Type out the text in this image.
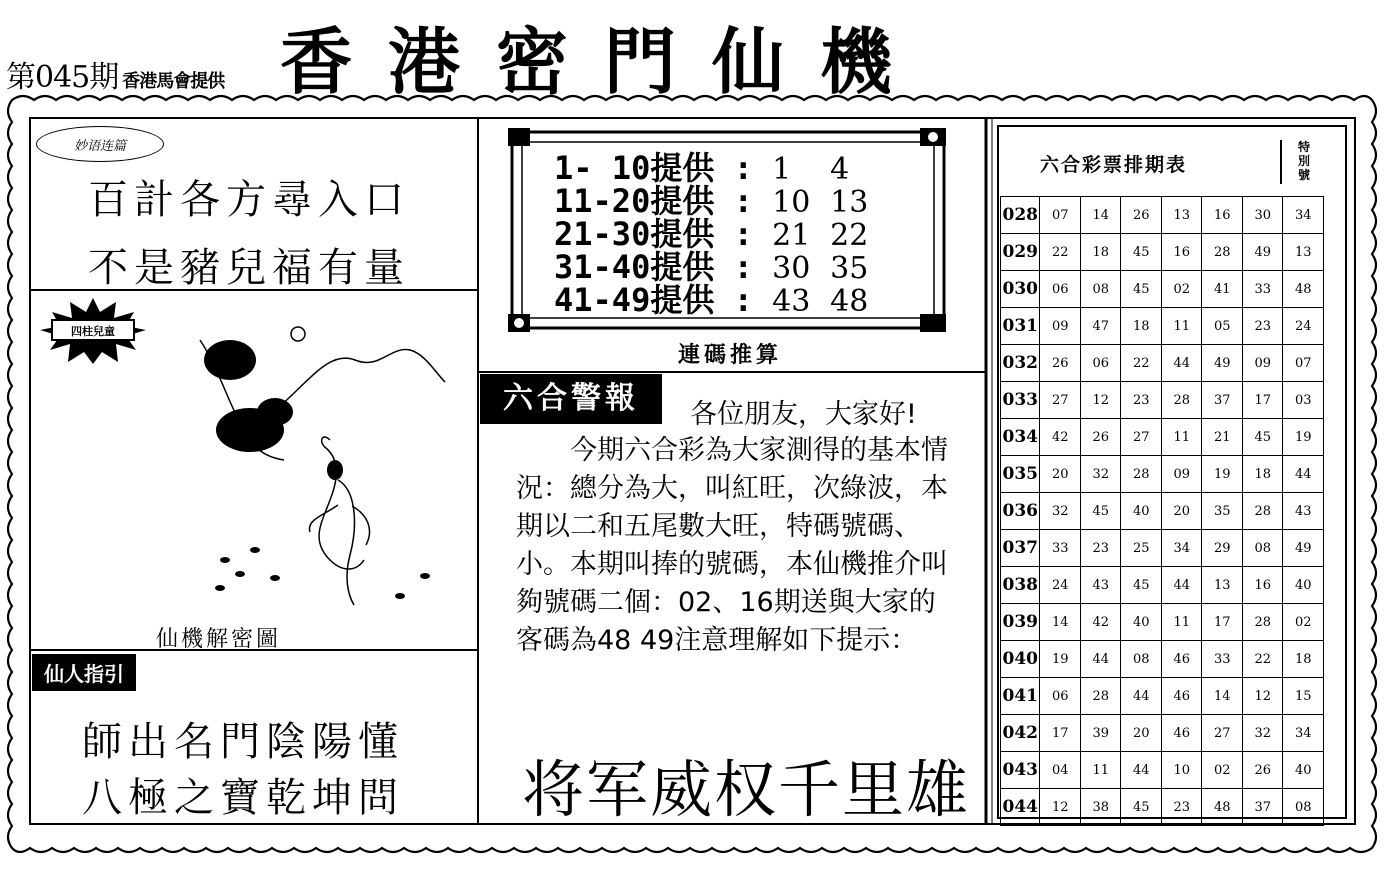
第045期 香港馬會提供 香港密門仙機
妙语连篇
百計各方尋入口
不是豬兒福有量
四柱兒童
仙機解密圖
仙人指引
師出名門陰陽懂
八極之寶乾坤問
1- 10提供 : 1 4
11-20提供 : 10 13
21-30提供 : 21 22
31-40提供 : 30 35
41-49提供 : 43 48
連碼推算
六合警報	各位朋友，大家好!
今期六合彩為大家測得的基本情況：總分為大，叫紅旺，次綠波，本期以二和五尾數大旺，特碼號碼、小。本期叫捧的號碼，本仙機推介叫夠號碼二個：02、16期送與大家的客碼為48 49注意理解如下提示：
将军威权千里雄
六合彩票排期表
特別號
028	07	14	26	13	16	30	34
029	22	18	45	16	28	49	13
030	06	08	45	02	41	33	48
031	09	47	18	11	05	23	24
032	26	06	22	44	49	09	07
033	27	12	23	28	37	17	03
034	42	26	27	11	21	45	19
035	20	32	28	09	19	18	44
036	32	45	40	20	35	28	43
037	33	23	25	34	29	08	49
038	24	43	45	44	13	16	40
039	14	42	40	11	17	28	02
040	19	44	08	46	33	22	18
041	06	28	44	46	14	12	15
042	17	39	20	46	27	32	34
043	04	11	44	10	02	26	40
044	12	38	45	23	48	37	08
